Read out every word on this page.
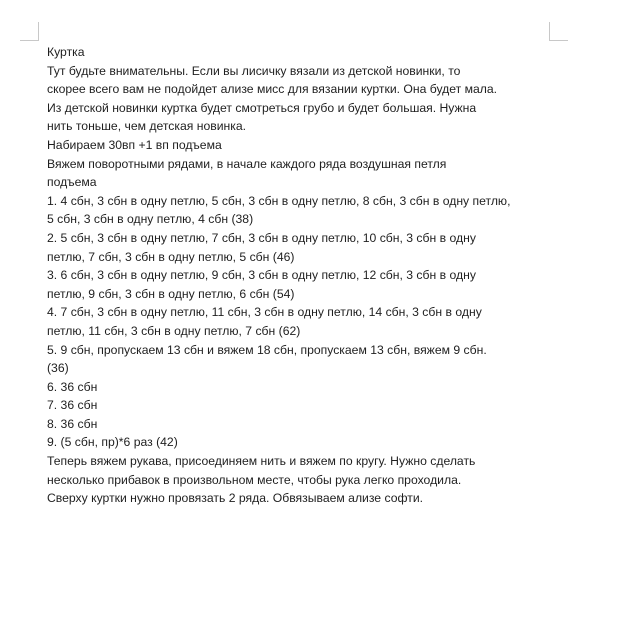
Куртка

Тут будьте внимательны. Если вы лисичку вязали из детской новинки, то

скорее всего вам не подойдет ализе мисс для вязании куртки. Она будет мала.

Из детской новинки куртка будет смотреться грубо и будет большая. Нужна

нить тоньше, чем детская новинка.

Набираем 30вп +1 вп подъема

Вяжем поворотными рядами, в начале каждого ряда воздушная петля

подъема

1. 4 сбн, 3 сбн в одну петлю, 5 сбн, 3 сбн в одну петлю, 8 сбн, 3 сбн в одну петлю,

5 сбн, 3 сбн в одну петлю, 4 сбн (38)

2. 5 сбн, 3 сбн в одну петлю, 7 сбн, 3 сбн в одну петлю, 10 сбн, 3 сбн в одну

петлю, 7 сбн, 3 сбн в одну петлю, 5 сбн (46)

3. 6 сбн, 3 сбн в одну петлю, 9 сбн, 3 сбн в одну петлю, 12 сбн, 3 сбн в одну

петлю, 9 сбн, 3 сбн в одну петлю, 6 сбн (54)

4. 7 сбн, 3 сбн в одну петлю, 11 сбн, 3 сбн в одну петлю, 14 сбн, 3 сбн в одну

петлю, 11 сбн, 3 сбн в одну петлю, 7 сбн (62)

5. 9 сбн, пропускаем 13 сбн и вяжем 18 сбн, пропускаем 13 сбн, вяжем 9 сбн.

(36)

6. 36 сбн

7. 36 сбн

8. 36 сбн

9. (5 сбн, пр)*6 раз (42)

Теперь вяжем рукава, присоединяем нить и вяжем по кругу. Нужно сделать

несколько прибавок в произвольном месте, чтобы рука легко проходила.

Сверху куртки нужно провязать 2 ряда. Обвязываем ализе софти.
